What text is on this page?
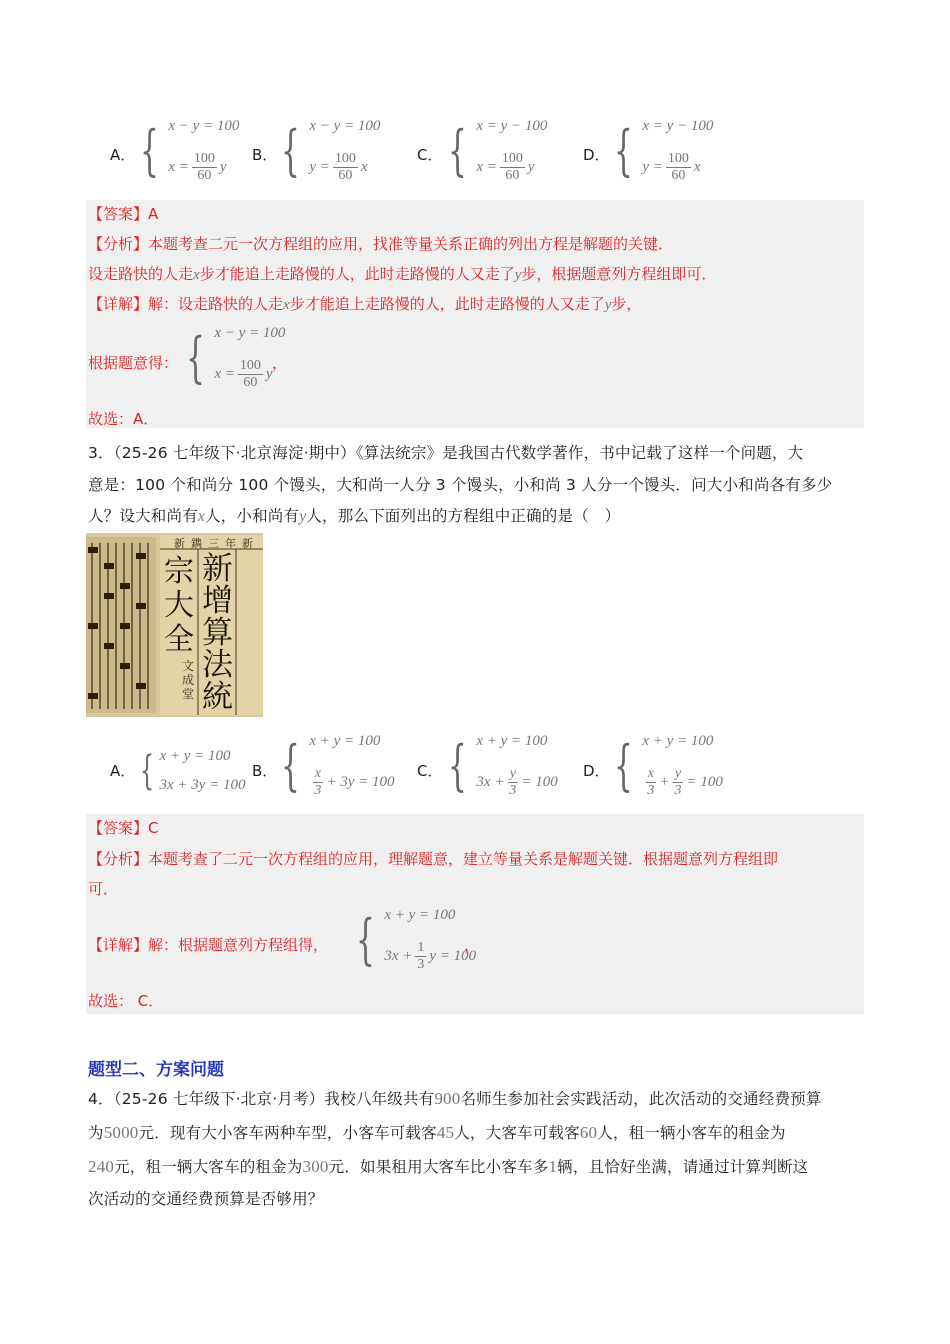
A． { x − y = 100
$x = \frac{100}{60}$ y
B． { x − y = 100
$y = \frac{100}{60}$ x
C． { x = y − 100
$x = \frac{100}{60}$ y
D． { x = y − 100
$y = \frac{100}{60}$ x
【答案】A
【分析】本题考查二元一次方程组的应用，找准等量关系正确的列出方程是解题的关键．
设走路快的人走x步才能追上走路慢的人，此时走路慢的人又走了y步，根据题意列方程组即可．
【详解】解：设走路快的人走x步才能追上走路慢的人，此时走路慢的人又走了y步，
根据题意得： { x − y = 100
$x = \frac{100}{60}$ y
，
故选：A．
3．（25-26 七年级下·北京海淀·期中）《算法统宗》是我国古代数学著作，书中记载了这样一个问题，大
意是：100 个和尚分 100 个馒头，大和尚一人分 3 个馒头，小和尚 3 人分一个馒头．问大小和尚各有多少
人？设大和尚有x人，小和尚有y人，那么下面列出的方程组中正确的是（　）
新鐫三年新
新增算法統
宗大全
文成堂
A． { x + y = 100
3x + 3y = 100
B． { x + y = 100
$\frac{x}{3} + 3y = 100$
C． { x + y = 100
$3x + \frac{y}{3} = 100$
D． { x + y = 100
$\frac{x}{3} + \frac{y}{3} = 100$
【答案】C
【分析】本题考查了二元一次方程组的应用，理解题意，建立等量关系是解题关键．根据题意列方程组即
可．
【详解】解：根据题意列方程组得， { x + y = 100
$3x + \frac{1}{3}$ y = 100
，
故选： C．
题型二、方案问题
4．（25-26 七年级下·北京·月考）我校八年级共有900名师生参加社会实践活动，此次活动的交通经费预算
为5000元．现有大小客车两种车型，小客车可载客45人，大客车可载客60人，租一辆小客车的租金为
240元，租一辆大客车的租金为300元．如果租用大客车比小客车多1辆，且恰好坐满，请通过计算判断这
次活动的交通经费预算是否够用？
